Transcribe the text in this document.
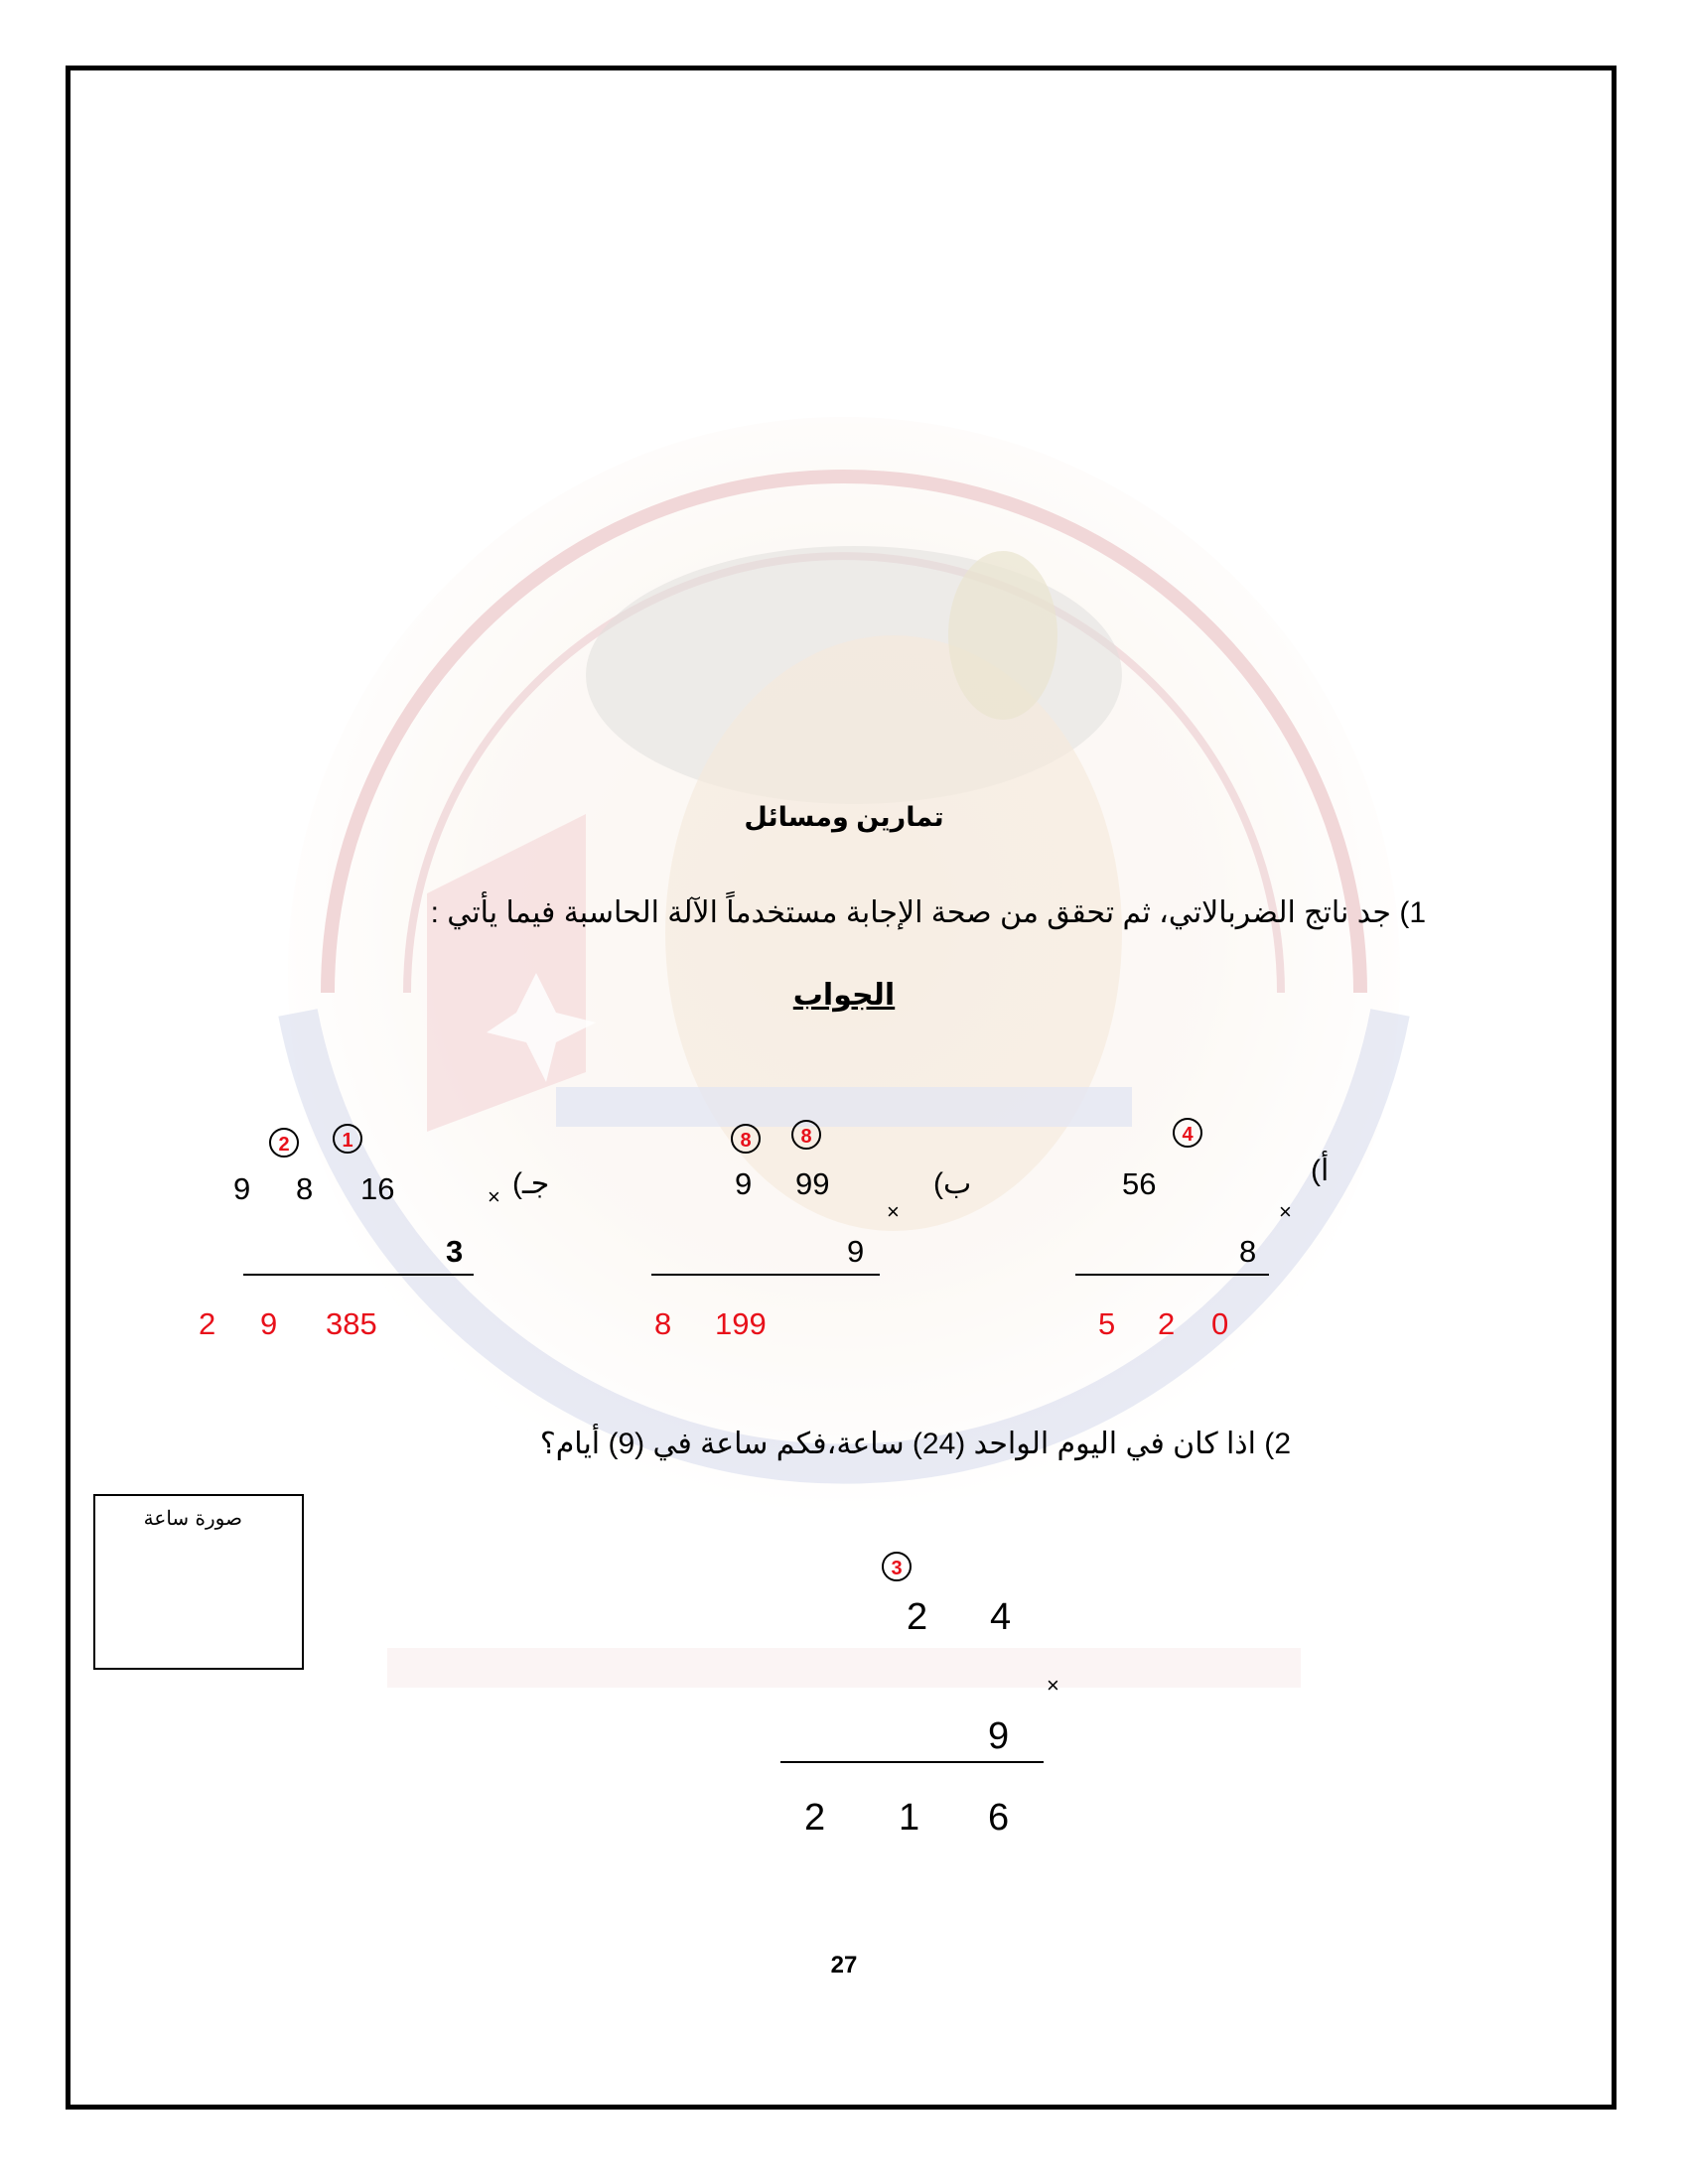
تمارين ومسائل
1) جد ناتج الضربالاتي، ثم تحقق من صحة الإجابة مستخدماً الآلة الحاسبة فيما يأتي :
الجواب
أ)
4
56
×
8
5 2 0
ب)
8	8
9 99
×
9
8 199
جـ)
2	1
9 8 16	×
3
2 9 385
2) اذا كان في اليوم الواحد (24) ساعة،فكم ساعة في (9) أيام؟
صورة ساعة
3
2 4
×
9
2 1 6
27
